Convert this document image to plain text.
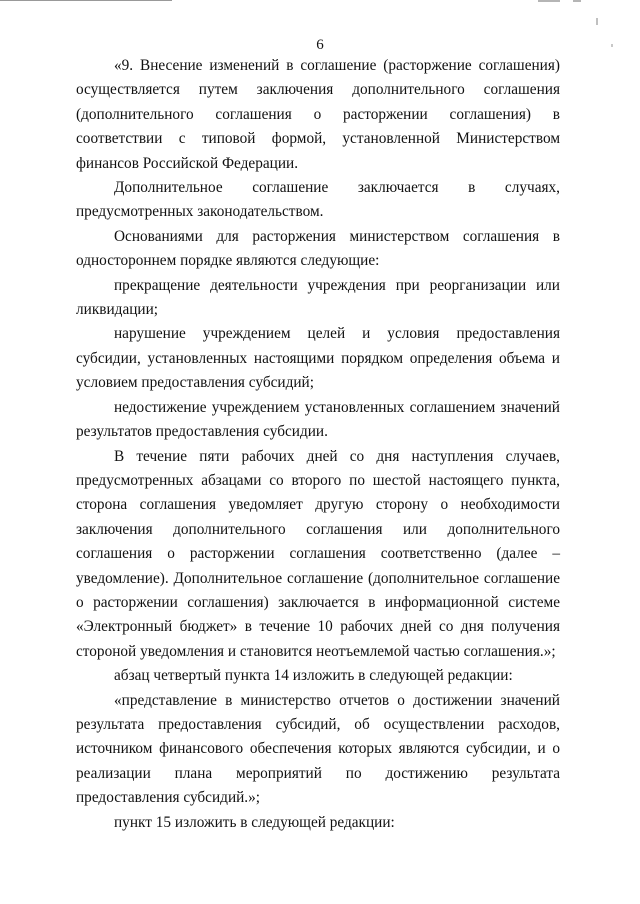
6

«9. Внесение изменений в соглашение (расторжение соглашения) осуществляется путем заключения дополнительного соглашения (дополнительного соглашения о расторжении соглашения) в соответствии с типовой формой, установленной Министерством финансов Российской Федерации.

Дополнительное соглашение заключается в случаях, предусмотренных законодательством.

Основаниями для расторжения министерством соглашения в одностороннем порядке являются следующие:

прекращение деятельности учреждения при реорганизации или ликвидации;

нарушение учреждением целей и условия предоставления субсидии, установленных настоящими порядком определения объема и условием предоставления субсидий;

недостижение учреждением установленных соглашением значений результатов предоставления субсидии.

В течение пяти рабочих дней со дня наступления случаев, предусмотренных абзацами со второго по шестой настоящего пункта, сторона соглашения уведомляет другую сторону о необходимости заключения дополнительного соглашения или дополнительного соглашения о расторжении соглашения соответственно (далее – уведомление). Дополнительное соглашение (дополнительное соглашение о расторжении соглашения) заключается в информационной системе «Электронный бюджет» в течение 10 рабочих дней со дня получения стороной уведомления и становится неотъемлемой частью соглашения.»;

абзац четвертый пункта 14 изложить в следующей редакции:

«представление в министерство отчетов о достижении значений результата предоставления субсидий, об осуществлении расходов, источником финансового обеспечения которых являются субсидии, и о реализации плана мероприятий по достижению результата предоставления субсидий.»;

пункт 15 изложить в следующей редакции:
